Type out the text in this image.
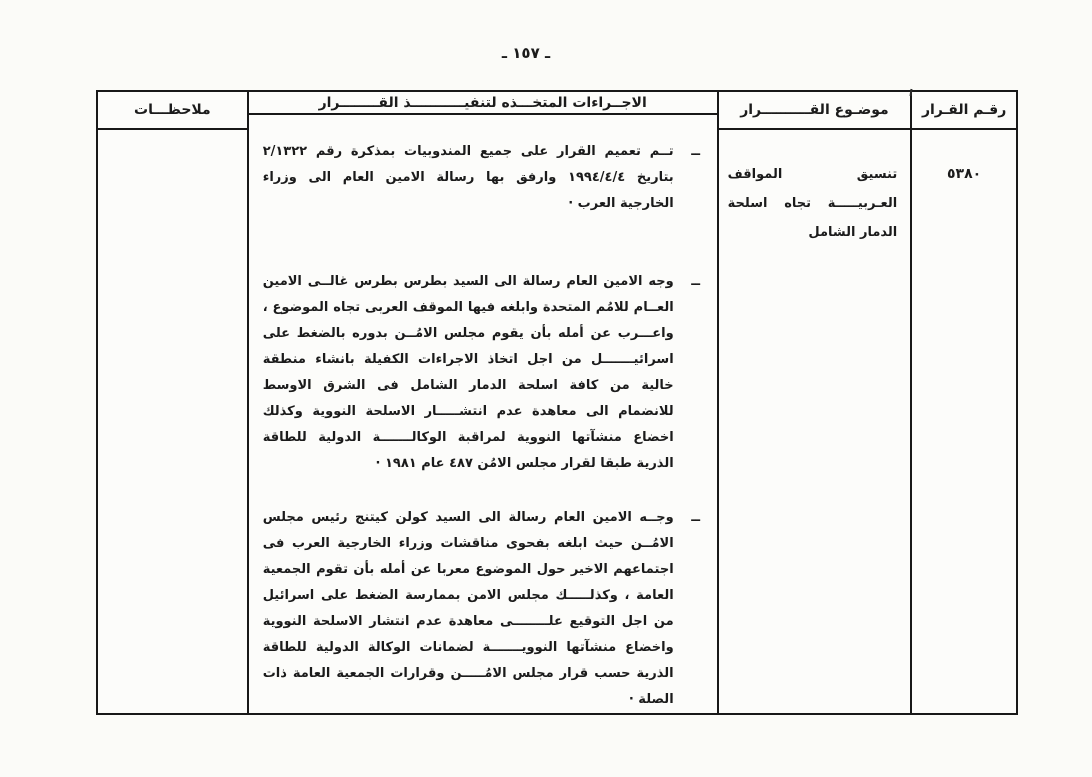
ـ ١٥٧ ـ
رقـم القـرار
٥٣٨٠
موضـوع القــــــــــرار
تنسيق المواقف العـربيـــــة تجاه اسلحة الدمار الشامل
الاجــراءات المتخـــذه لتنفيـــــــــــذ القــــــــرار
ــ
تــم تعميم القرار على جميع المندوبيات بمذكرة رقم ٢/١٣٢٢ بتاريخ ١٩٩٤/٤/٤ وارفق بها رسالة الامين العام الى وزراء الخارجية العرب ·
ــ
وجه الامين العام رسالة الى السيد بطرس بطرس غالــى الامين العــام للامُم المتحدة وابلغه فيها الموقف العربى تجاه الموضوع ، واعـــرب عن أمله بأن يقوم مجلس الامُــن بدوره بالضغط على اسرائيـــــــل من اجل اتخاذ الاجراءات الكفيلة بانشاء منطقة خالية من كافة اسلحة الدمار الشامل فى الشرق الاوسط للانضمام الى معاهدة عدم انتشـــــار الاسلحة النووية وكذلك اخضاع منشآتها النووية لمراقبة الوكالـــــــة الدولية للطاقة الذرية طبقا لقرار مجلس الامُن ٤٨٧ عام ١٩٨١ ·
ــ
وجــه الامين العام رسالة الى السيد كولن كيتنج رئيس مجلس الامُــن حيث ابلغه بفحوى مناقشات وزراء الخارجية العرب فى اجتماعهم الاخير حول الموضوع معربا عن أمله بأن تقوم الجمعية العامة ، وكذلـــــك مجلس الامن بممارسة الضغط على اسرائيل من اجل التوقيع علــــــــى معاهدة عدم انتشار الاسلحة النووية واخضاع منشآتها النوويـــــــة لضمانات الوكالة الدولية للطاقة الذرية حسب قرار مجلس الامُـــــن وقرارات الجمعية العامة ذات الصلة ·
ملاحظـــات
